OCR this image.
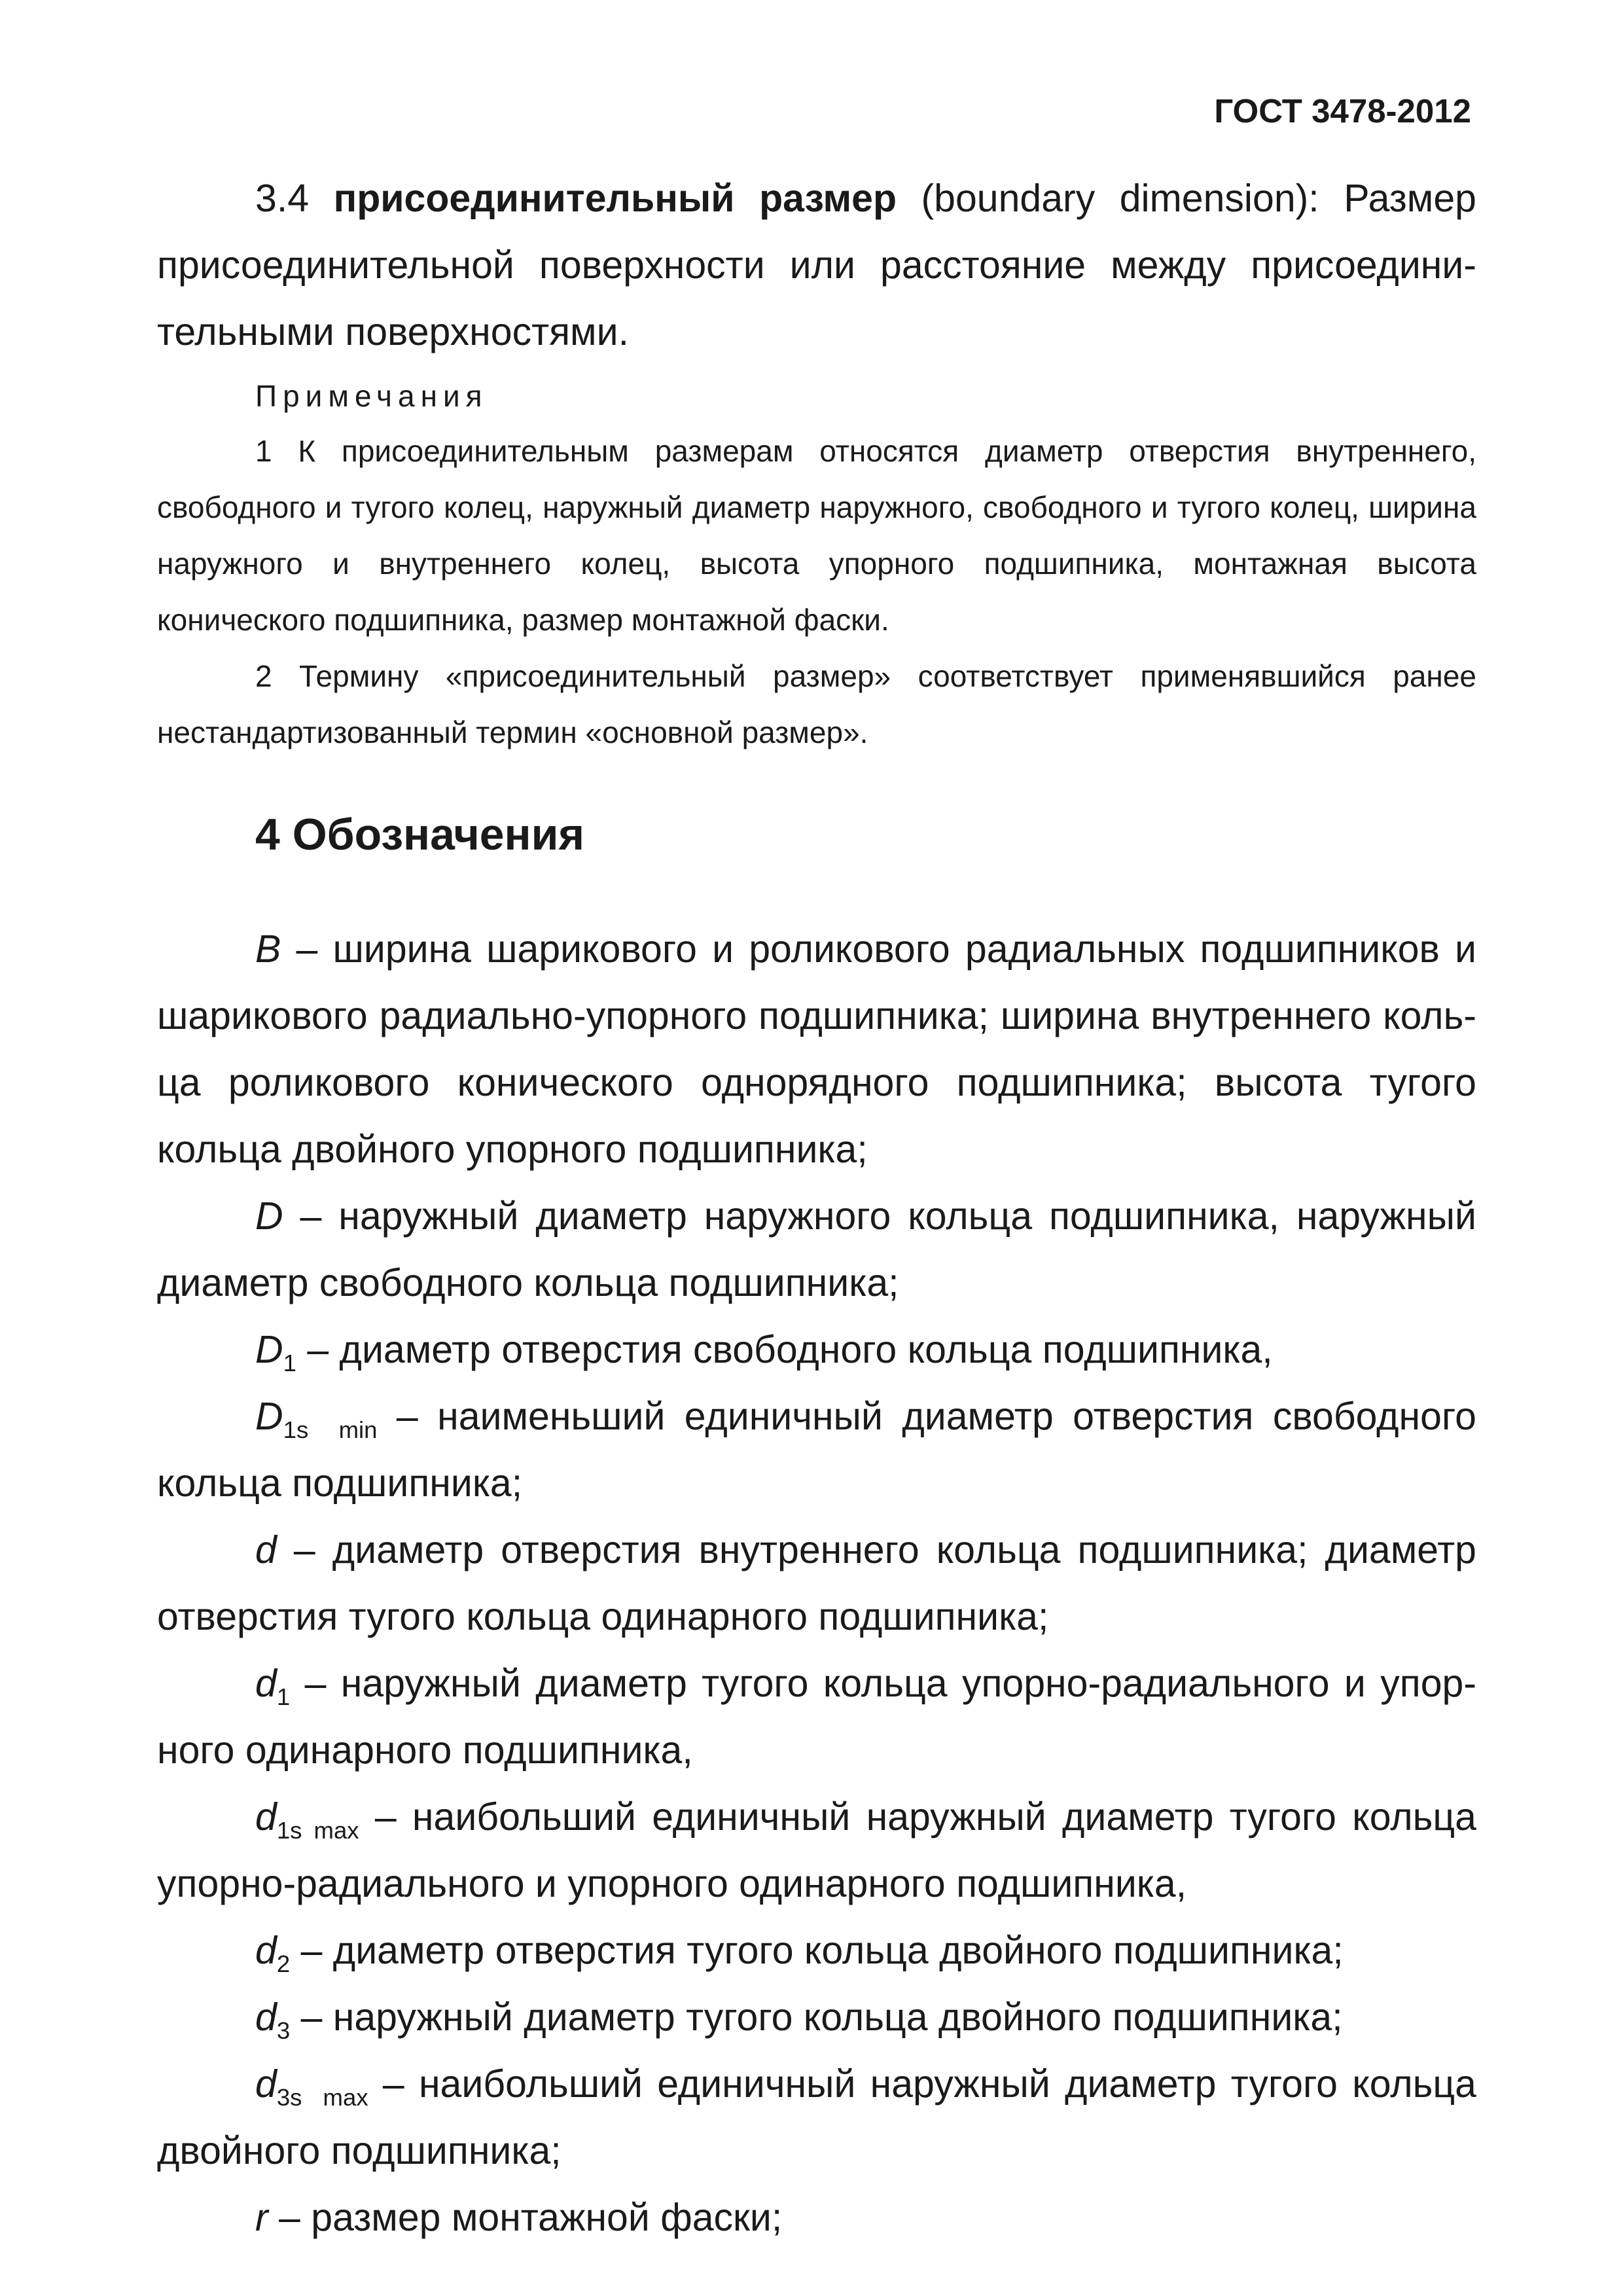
ГОСТ 3478-2012

3.4 присоединительный размер (boundary dimension): Размер присоединительной поверхности или расстояние между присоедини-тельными поверхностями.

Примечания

1 К присоединительным размерам относятся диаметр отверстия внутреннего, свободного и тугого колец, наружный диаметр наружного, свободного и тугого колец, ширина наружного и внутреннего колец, высота упорного подшипника, монтажная высота конического подшипника, размер монтажной фаски.

2 Термину «присоединительный размер» соответствует применявшийся ранее нестандартизованный термин «основной размер».

4 Обозначения

B – ширина шарикового и роликового радиальных подшипников и шарикового радиально-упорного подшипника; ширина внутреннего коль-ца роликового конического однорядного подшипника; высота тугого кольца двойного упорного подшипника;

D – наружный диаметр наружного кольца подшипника, наружный диаметр свободного кольца подшипника;

$D_1$ – диаметр отверстия свободного кольца подшипника,

$D_{1s min}$ – наименьший единичный диаметр отверстия свободного кольца подшипника;

d – диаметр отверстия внутреннего кольца подшипника; диаметр отверстия тугого кольца одинарного подшипника;

$d_1$ – наружный диаметр тугого кольца упорно-радиального и упор-ного одинарного подшипника,

$d_{1s max}$ – наибольший единичный наружный диаметр тугого кольца упорно-радиального и упорного одинарного подшипника,

$d_2$ – диаметр отверстия тугого кольца двойного подшипника;

$d_3$ – наружный диаметр тугого кольца двойного подшипника;

$d_{3s max}$ – наибольший единичный наружный диаметр тугого кольца двойного подшипника;

r – размер монтажной фаски;
